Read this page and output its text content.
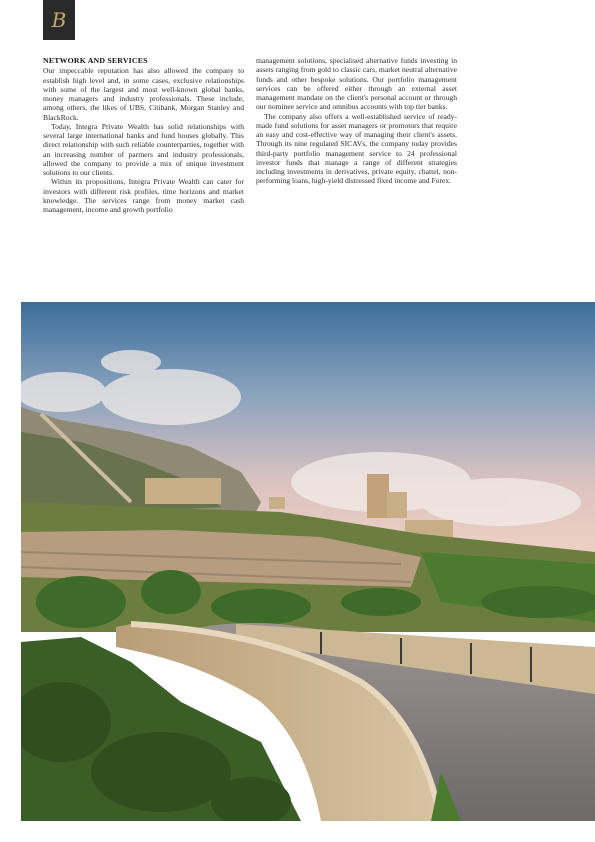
B
NETWORK AND SERVICES

Our impeccable reputation has also allowed the company to establish high level and, in some cases, exclusive relationships with some of the largest and most well-known global banks, money managers and industry professionals. These include, among others, the likes of UBS, Citibank, Morgan Stanley and BlackRock.

Today, Integra Private Wealth has solid relationships with several large international banks and fund houses globally. This direct relationship with such reliable counterparties, together with an increasing number of partners and industry professionals, allowed the company to provide a mix of unique investment solutions to our clients.

Within its propositions, Integra Private Wealth can cater for investors with different risk profiles, time horizons and market knowledge. The services range from money market cash management, income and growth portfolio

management solutions, specialised alternative funds investing in assets ranging from gold to classic cars, market neutral alternative funds and other bespoke solutions. Our portfolio management services can be offered either through an external asset management mandate on the client's personal account or through our nominee service and omnibus accounts with top tier banks.

The company also offers a well-established service of ready-made fund solutions for asset managers or promotors that require an easy and cost-effective way of managing their client's assets. Through its nine regulated SICAVs, the company today provides third-party portfolio management service to 24 professional investor funds that manage a range of different strategies including investments in derivatives, private equity, chattel, non-performing loans, high-yield distressed fixed income and Forex.
